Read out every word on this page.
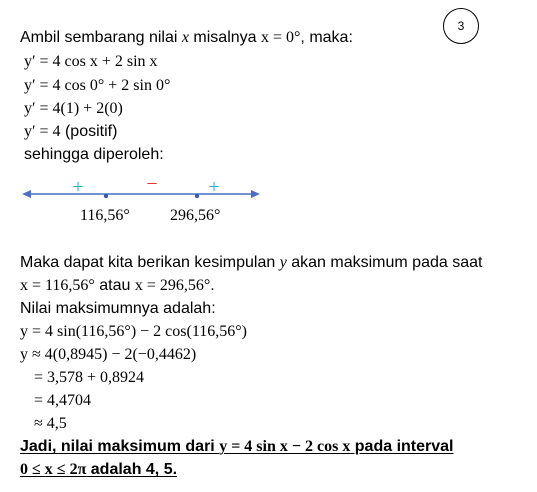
3
Ambil sembarang nilai x misalnya x = 0°, maka:
y′ = 4 cos x + 2 sin x
y′ = 4 cos 0° + 2 sin 0°
y′ = 4(1) + 2(0)
y′ = 4 (positif)
sehingga diperoleh:
+	−	+
116,56°	296,56°
Maka dapat kita berikan kesimpulan y akan maksimum pada saat
x = 116,56° atau x = 296,56°.
Nilai maksimumnya adalah:
y = 4 sin(116,56°) − 2 cos(116,56°)
y ≈ 4(0,8945) − 2(−0,4462)
= 3,578 + 0,8924
= 4,4704
≈ 4,5
Jadi, nilai maksimum dari y = 4 sin x − 2 cos x pada interval
0 ≤ x ≤ 2π adalah 4, 5.
